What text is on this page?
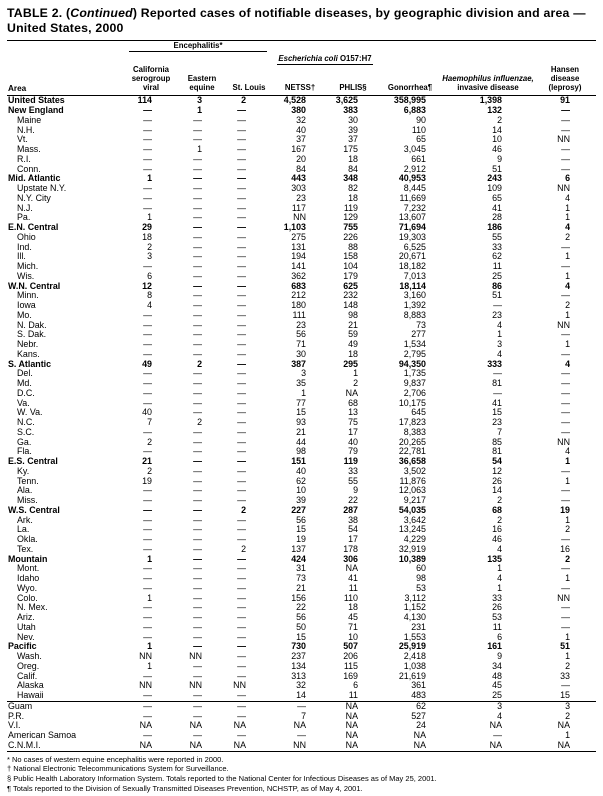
TABLE 2. (Continued) Reported cases of notifiable diseases, by geographic division and area — United States, 2000
Area	Encephalitis*			Escherichia coli O157:H7		Gonorrhea¶	Haemophilus influenzae,
invasive disease	Hansen disease (leprosy)
	California serogroup viral	Eastern equine	St. Louis	NETSS†	PHLIS§			
United States	114	3	2	4,528	3,625	358,995	1,398	91
New England	—	1	—	380	383	6,883	132	—
Maine	—	—	—	32	30	90	2	—
N.H.	—	—	—	40	39	110	14	—
Vt.	—	—	—	37	37	65	10	NN
Mass.	—	1	—	167	175	3,045	46	—
R.I.	—	—	—	20	18	661	9	—
Conn.	—	—	—	84	84	2,912	51	—
Mid. Atlantic	1	—	—	443	348	40,953	243	6
Upstate N.Y.	—	—	—	303	82	8,445	109	NN
N.Y. City	—	—	—	23	18	11,669	65	4
N.J.	—	—	—	117	119	7,232	41	1
Pa.	1	—	—	NN	129	13,607	28	1
E.N. Central	29	—	—	1,103	755	71,694	186	4
Ohio	18	—	—	275	226	19,303	55	2
Ind.	2	—	—	131	88	6,525	33	—
Ill.	3	—	—	194	158	20,671	62	1
Mich.	—	—	—	141	104	18,182	11	—
Wis.	6	—	—	362	179	7,013	25	1
W.N. Central	12	—	—	683	625	18,114	86	4
Minn.	8	—	—	212	232	3,160	51	—
Iowa	4	—	—	180	148	1,392	—	2
Mo.	—	—	—	111	98	8,883	23	1
N. Dak.	—	—	—	23	21	73	4	NN
S. Dak.	—	—	—	56	59	277	1	—
Nebr.	—	—	—	71	49	1,534	3	1
Kans.	—	—	—	30	18	2,795	4	—
S. Atlantic	49	2	—	387	295	94,350	333	4
Del.	—	—	—	3	1	1,735	—	—
Md.	—	—	—	35	2	9,837	81	—
D.C.	—	—	—	1	NA	2,706	—	—
Va.	—	—	—	77	68	10,175	41	—
W. Va.	40	—	—	15	13	645	15	—
N.C.	7	2	—	93	75	17,823	23	—
S.C.	—	—	—	21	17	8,383	7	—
Ga.	2	—	—	44	40	20,265	85	NN
Fla.	—	—	—	98	79	22,781	81	4
E.S. Central	21	—	—	151	119	36,658	54	1
Ky.	2	—	—	40	33	3,502	12	—
Tenn.	19	—	—	62	55	11,876	26	1
Ala.	—	—	—	10	9	12,063	14	—
Miss.	—	—	—	39	22	9,217	2	—
W.S. Central	—	—	2	227	287	54,035	68	19
Ark.	—	—	—	56	38	3,642	2	1
La.	—	—	—	15	54	13,245	16	2
Okla.	—	—	—	19	17	4,229	46	—
Tex.	—	—	2	137	178	32,919	4	16
Mountain	1	—	—	424	306	10,389	135	2
Mont.	—	—	—	31	NA	60	1	—
Idaho	—	—	—	73	41	98	4	1
Wyo.	—	—	—	21	11	53	1	—
Colo.	1	—	—	156	110	3,112	33	NN
N. Mex.	—	—	—	22	18	1,152	26	—
Ariz.	—	—	—	56	45	4,130	53	—
Utah	—	—	—	50	71	231	11	—
Nev.	—	—	—	15	10	1,553	6	1
Pacific	1	—	—	730	507	25,919	161	51
Wash.	NN	NN	—	237	206	2,418	9	1
Oreg.	1	—	—	134	115	1,038	34	2
Calif.	—	—	—	313	169	21,619	48	33
Alaska	NN	NN	NN	32	6	361	45	—
Hawaii	—	—	—	14	11	483	25	15
Guam	—	—	—	—	NA	62	3	3
P.R.	—	—	—	7	NA	527	4	2
V.I.	NA	NA	NA	NA	NA	24	NA	NA
American Samoa	—	—	—	—	NA	NA	—	1
C.N.M.I.	NA	NA	NA	NN	NA	NA	NA	NA
* No cases of western equine encephalitis were reported in 2000.
† National Electronic Telecommunications System for Surveillance.
§ Public Health Laboratory Information System. Totals reported to the National Center for Infectious Diseases as of May 25, 2001.
¶ Totals reported to the Division of Sexually Transmitted Diseases Prevention, NCHSTP, as of May 4, 2001.
